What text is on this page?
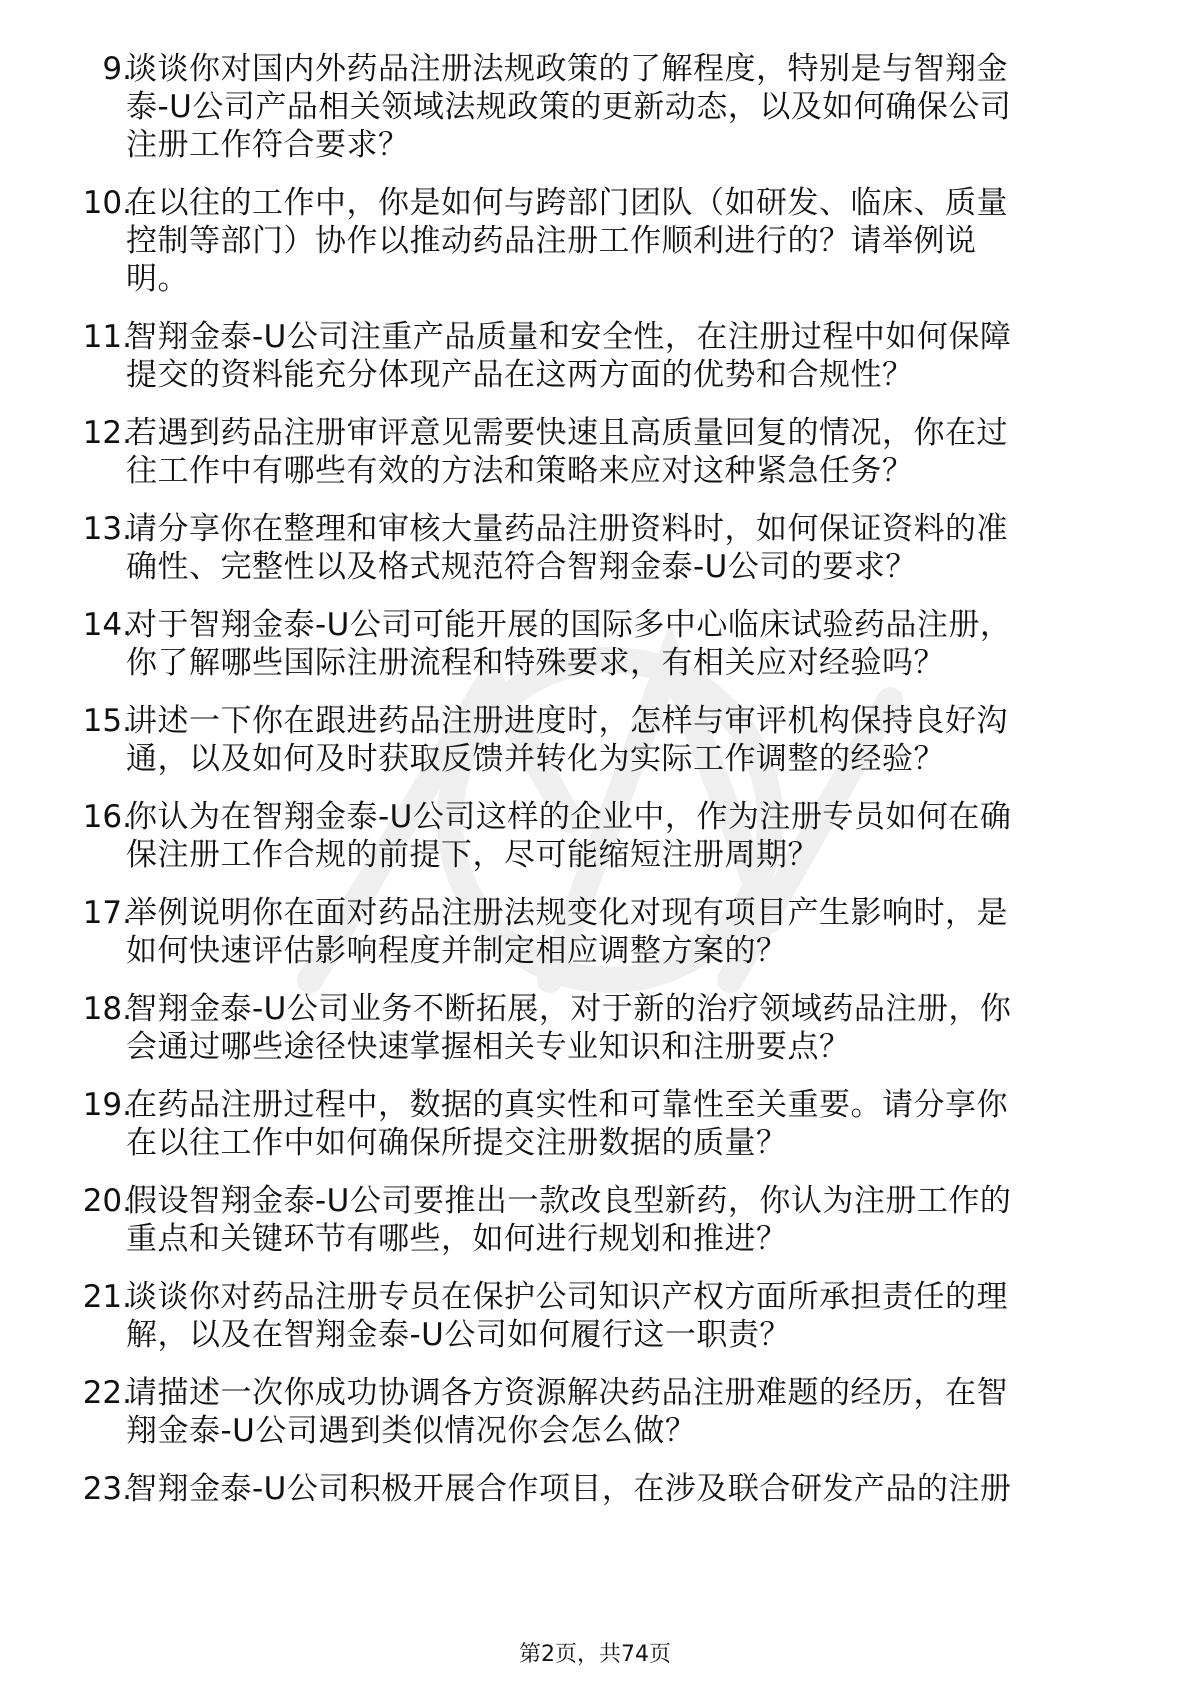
9.
谈谈你对国内外药品注册法规政策的了解程度，特别是与智翔金
泰-U公司产品相关领域法规政策的更新动态，以及如何确保公司
注册工作符合要求？
10.
在以往的工作中，你是如何与跨部门团队（如研发、临床、质量
控制等部门）协作以推动药品注册工作顺利进行的？请举例说
明。
11.
智翔金泰-U公司注重产品质量和安全性，在注册过程中如何保障
提交的资料能充分体现产品在这两方面的优势和合规性？
12.
若遇到药品注册审评意见需要快速且高质量回复的情况，你在过
往工作中有哪些有效的方法和策略来应对这种紧急任务？
13.
请分享你在整理和审核大量药品注册资料时，如何保证资料的准
确性、完整性以及格式规范符合智翔金泰-U公司的要求？
14.
对于智翔金泰-U公司可能开展的国际多中心临床试验药品注册，
你了解哪些国际注册流程和特殊要求，有相关应对经验吗？
15.
讲述一下你在跟进药品注册进度时，怎样与审评机构保持良好沟
通，以及如何及时获取反馈并转化为实际工作调整的经验？
16.
你认为在智翔金泰-U公司这样的企业中，作为注册专员如何在确
保注册工作合规的前提下，尽可能缩短注册周期？
17.
举例说明你在面对药品注册法规变化对现有项目产生影响时，是
如何快速评估影响程度并制定相应调整方案的？
18.
智翔金泰-U公司业务不断拓展，对于新的治疗领域药品注册，你
会通过哪些途径快速掌握相关专业知识和注册要点？
19.
在药品注册过程中，数据的真实性和可靠性至关重要。请分享你
在以往工作中如何确保所提交注册数据的质量？
20.
假设智翔金泰-U公司要推出一款改良型新药，你认为注册工作的
重点和关键环节有哪些，如何进行规划和推进？
21.
谈谈你对药品注册专员在保护公司知识产权方面所承担责任的理
解，以及在智翔金泰-U公司如何履行这一职责？
22.
请描述一次你成功协调各方资源解决药品注册难题的经历，在智
翔金泰-U公司遇到类似情况你会怎么做？
23.
智翔金泰-U公司积极开展合作项目，在涉及联合研发产品的注册
第2页，共74页
